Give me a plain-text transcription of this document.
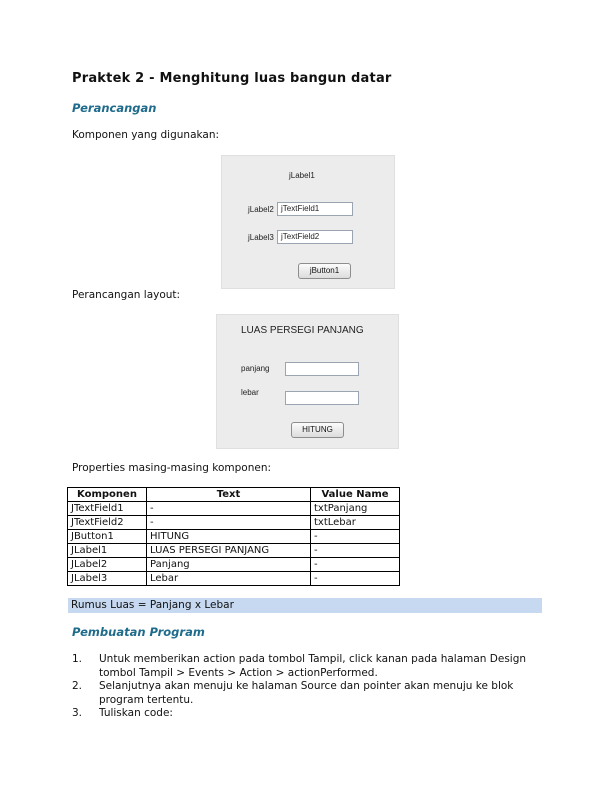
Praktek 2 - Menghitung luas bangun datar
Perancangan
Komponen yang digunakan:
jLabel1
jLabel2 jTextField1
jLabel3 jTextField2
jButton1
Perancangan layout:
LUAS PERSEGI PANJANG
panjang
lebar
HITUNG
Properties masing-masing komponen:
Komponen	Text	Value Name
JTextField1	-	txtPanjang
JTextField2	-	txtLebar
JButton1	HITUNG	-
JLabel1	LUAS PERSEGI PANJANG	-
JLabel2	Panjang	-
JLabel3	Lebar	-
Rumus Luas = Panjang x Lebar
Pembuatan Program
1. Untuk memberikan action pada tombol Tampil, click kanan pada halaman Design tombol Tampil > Events > Action > actionPerformed.
2. Selanjutnya akan menuju ke halaman Source dan pointer akan menuju ke blok program tertentu.
3. Tuliskan code:
